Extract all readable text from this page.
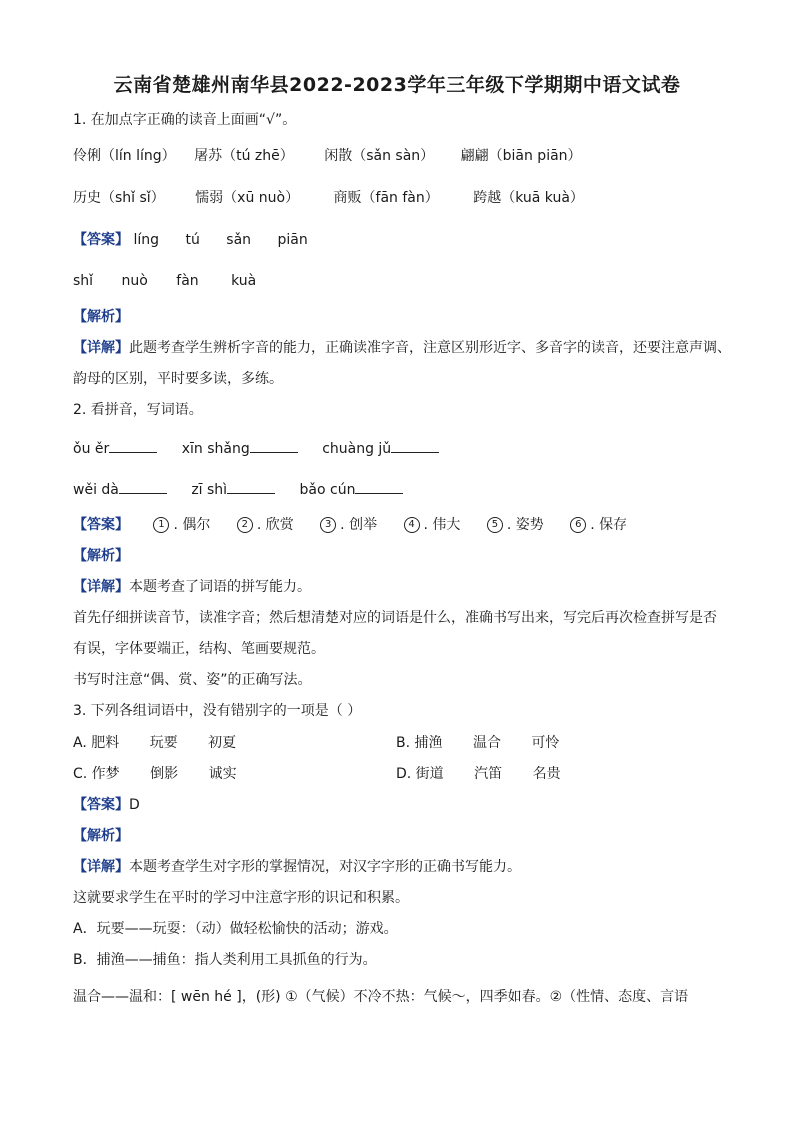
云南省楚雄州南华县2022-2023学年三年级下学期期中语文试卷
1. 在加点字正确的读音上面画“√”。
伶俐（lín líng） 屠苏（tú zhē） 闲散（sǎn sàn） 翩翩（biān piān）
历史（shǐ sǐ） 懦弱（xū nuò） 商贩（fān fàn） 跨越（kuā kuà）
【答案】 líng tú sǎn piān
shǐ nuò fàn kuà
【解析】
【详解】此题考查学生辨析字音的能力，正确读准字音，注意区别形近字、多音字的读音，还要注意声调、
韵母的区别，平时要多读，多练。
2. 看拼音，写词语。
ǒu ěr	xīn shǎng	chuàng jǔ
wěi dà	zī shì	bǎo cún
【答案】	1 . 偶尔	2 . 欣赏	3 . 创举	4 . 伟大	5 . 姿势	6 . 保存
【解析】
【详解】本题考查了词语的拼写能力。
首先仔细拼读音节，读准字音；然后想清楚对应的词语是什么，准确书写出来，写完后再次检查拼写是否
有误，字体要端正，结构、笔画要规范。
书写时注意“偶、赏、姿”的正确写法。
3. 下列各组词语中，没有错别字的一项是（ ）
A. 肥料 玩要 初夏	B. 捕渔 温合 可怜
C. 作梦 倒影 诚实	D. 街道 汽笛 名贵
【答案】D
【解析】
【详解】本题考查学生对字形的掌握情况，对汉字字形的正确书写能力。
这就要求学生在平时的学习中注意字形的识记和积累。
A．玩要——玩耍：（动）做轻松愉快的活动；游戏。
B．捕渔——捕鱼：指人类利用工具抓鱼的行为。
温合——温和：[ wēn hé ]，(形) ①（气候）不冷不热：气候～，四季如春。②（性情、态度、言语
